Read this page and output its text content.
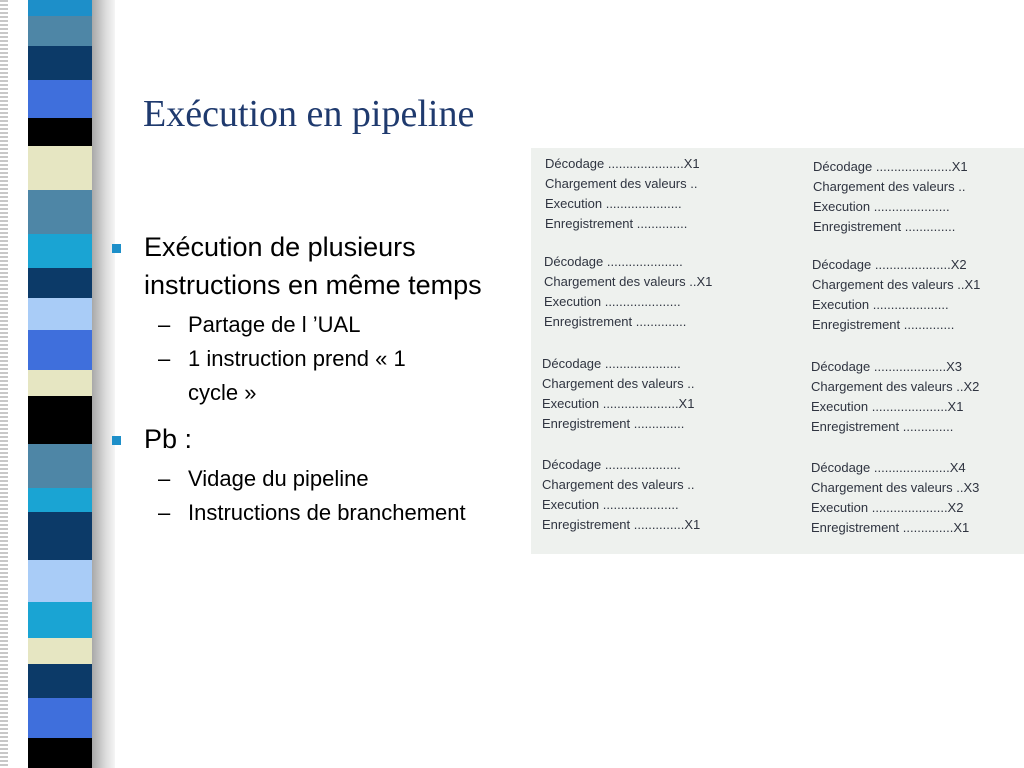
Exécution en pipeline
Exécution de plusieurs instructions en même temps
– Partage de l ’UAL
– 1 instruction prend « 1 cycle »
Pb :
– Vidage du pipeline
– Instructions de branchement
Décodage .....................X1
Chargement des valeurs ..
Execution .....................
Enregistrement ..............
Décodage .....................X1
Chargement des valeurs ..
Execution .....................
Enregistrement ..............
Décodage .....................
Chargement des valeurs ..X1
Execution .....................
Enregistrement ..............
Décodage .....................X2
Chargement des valeurs ..X1
Execution .....................
Enregistrement ..............
Décodage .....................
Chargement des valeurs ..
Execution .....................X1
Enregistrement ..............
Décodage ....................X3
Chargement des valeurs ..X2
Execution .....................X1
Enregistrement ..............
Décodage .....................
Chargement des valeurs ..
Execution .....................
Enregistrement ..............X1
Décodage .....................X4
Chargement des valeurs ..X3
Execution .....................X2
Enregistrement ..............X1
